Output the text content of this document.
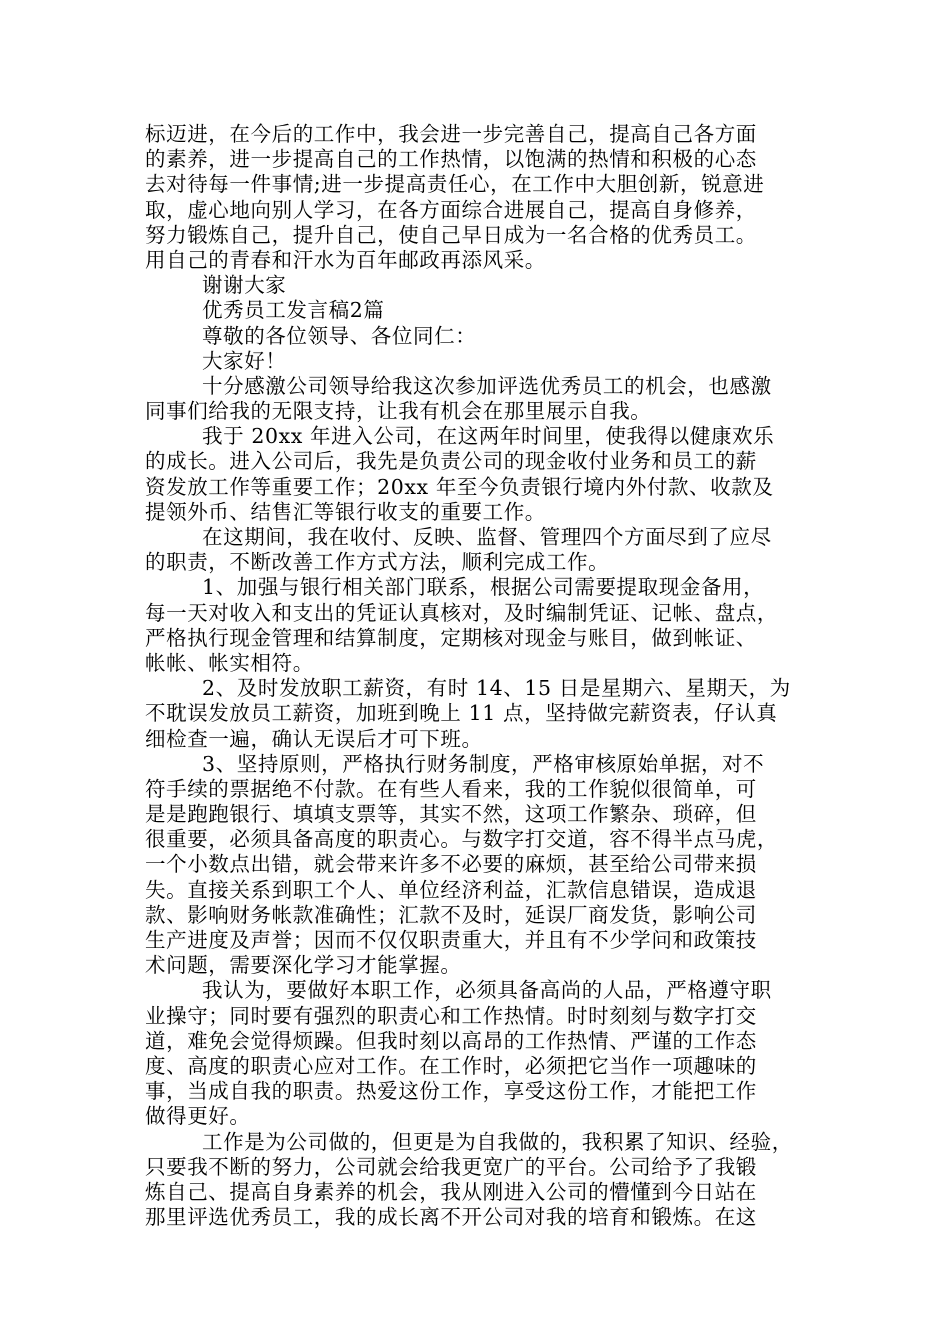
标迈进，在今后的工作中，我会进一步完善自己，提高自己各方面
的素养，进一步提高自己的工作热情，以饱满的热情和积极的心态
去对待每一件事情;进一步提高责任心，在工作中大胆创新，锐意进
取，虚心地向别人学习，在各方面综合进展自己，提高自身修养，
努力锻炼自己，提升自己，使自己早日成为一名合格的优秀员工。
用自己的青春和汗水为百年邮政再添风采。
谢谢大家
优秀员工发言稿2篇
尊敬的各位领导、各位同仁：
大家好！
十分感激公司领导给我这次参加评选优秀员工的机会，也感激
同事们给我的无限支持，让我有机会在那里展示自我。
我于 20xx 年进入公司，在这两年时间里，使我得以健康欢乐
的成长。进入公司后，我先是负责公司的现金收付业务和员工的薪
资发放工作等重要工作；20xx 年至今负责银行境内外付款、收款及
提领外币、结售汇等银行收支的重要工作。
在这期间，我在收付、反映、监督、管理四个方面尽到了应尽
的职责，不断改善工作方式方法，顺利完成工作。
1、加强与银行相关部门联系，根据公司需要提取现金备用，
每一天对收入和支出的凭证认真核对，及时编制凭证、记帐、盘点，
严格执行现金管理和结算制度，定期核对现金与账目，做到帐证、
帐帐、帐实相符。
2、及时发放职工薪资，有时 14、15 日是星期六、星期天，为
不耽误发放员工薪资，加班到晚上 11 点，坚持做完薪资表，仔认真
细检查一遍，确认无误后才可下班。
3、坚持原则，严格执行财务制度，严格审核原始单据，对不
符手续的票据绝不付款。在有些人看来，我的工作貌似很简单，可
是是跑跑银行、填填支票等，其实不然，这项工作繁杂、琐碎，但
很重要，必须具备高度的职责心。与数字打交道，容不得半点马虎，
一个小数点出错，就会带来许多不必要的麻烦，甚至给公司带来损
失。直接关系到职工个人、单位经济利益，汇款信息错误，造成退
款、影响财务帐款准确性；汇款不及时，延误厂商发货，影响公司
生产进度及声誉；因而不仅仅职责重大，并且有不少学问和政策技
术问题，需要深化学习才能掌握。
我认为，要做好本职工作，必须具备高尚的人品，严格遵守职
业操守；同时要有强烈的职责心和工作热情。时时刻刻与数字打交
道，难免会觉得烦躁。但我时刻以高昂的工作热情、严谨的工作态
度、高度的职责心应对工作。在工作时，必须把它当作一项趣味的
事，当成自我的职责。热爱这份工作，享受这份工作，才能把工作
做得更好。
工作是为公司做的，但更是为自我做的，我积累了知识、经验，
只要我不断的努力，公司就会给我更宽广的平台。公司给予了我锻
炼自己、提高自身素养的机会，我从刚进入公司的懵懂到今日站在
那里评选优秀员工，我的成长离不开公司对我的培育和锻炼。在这
